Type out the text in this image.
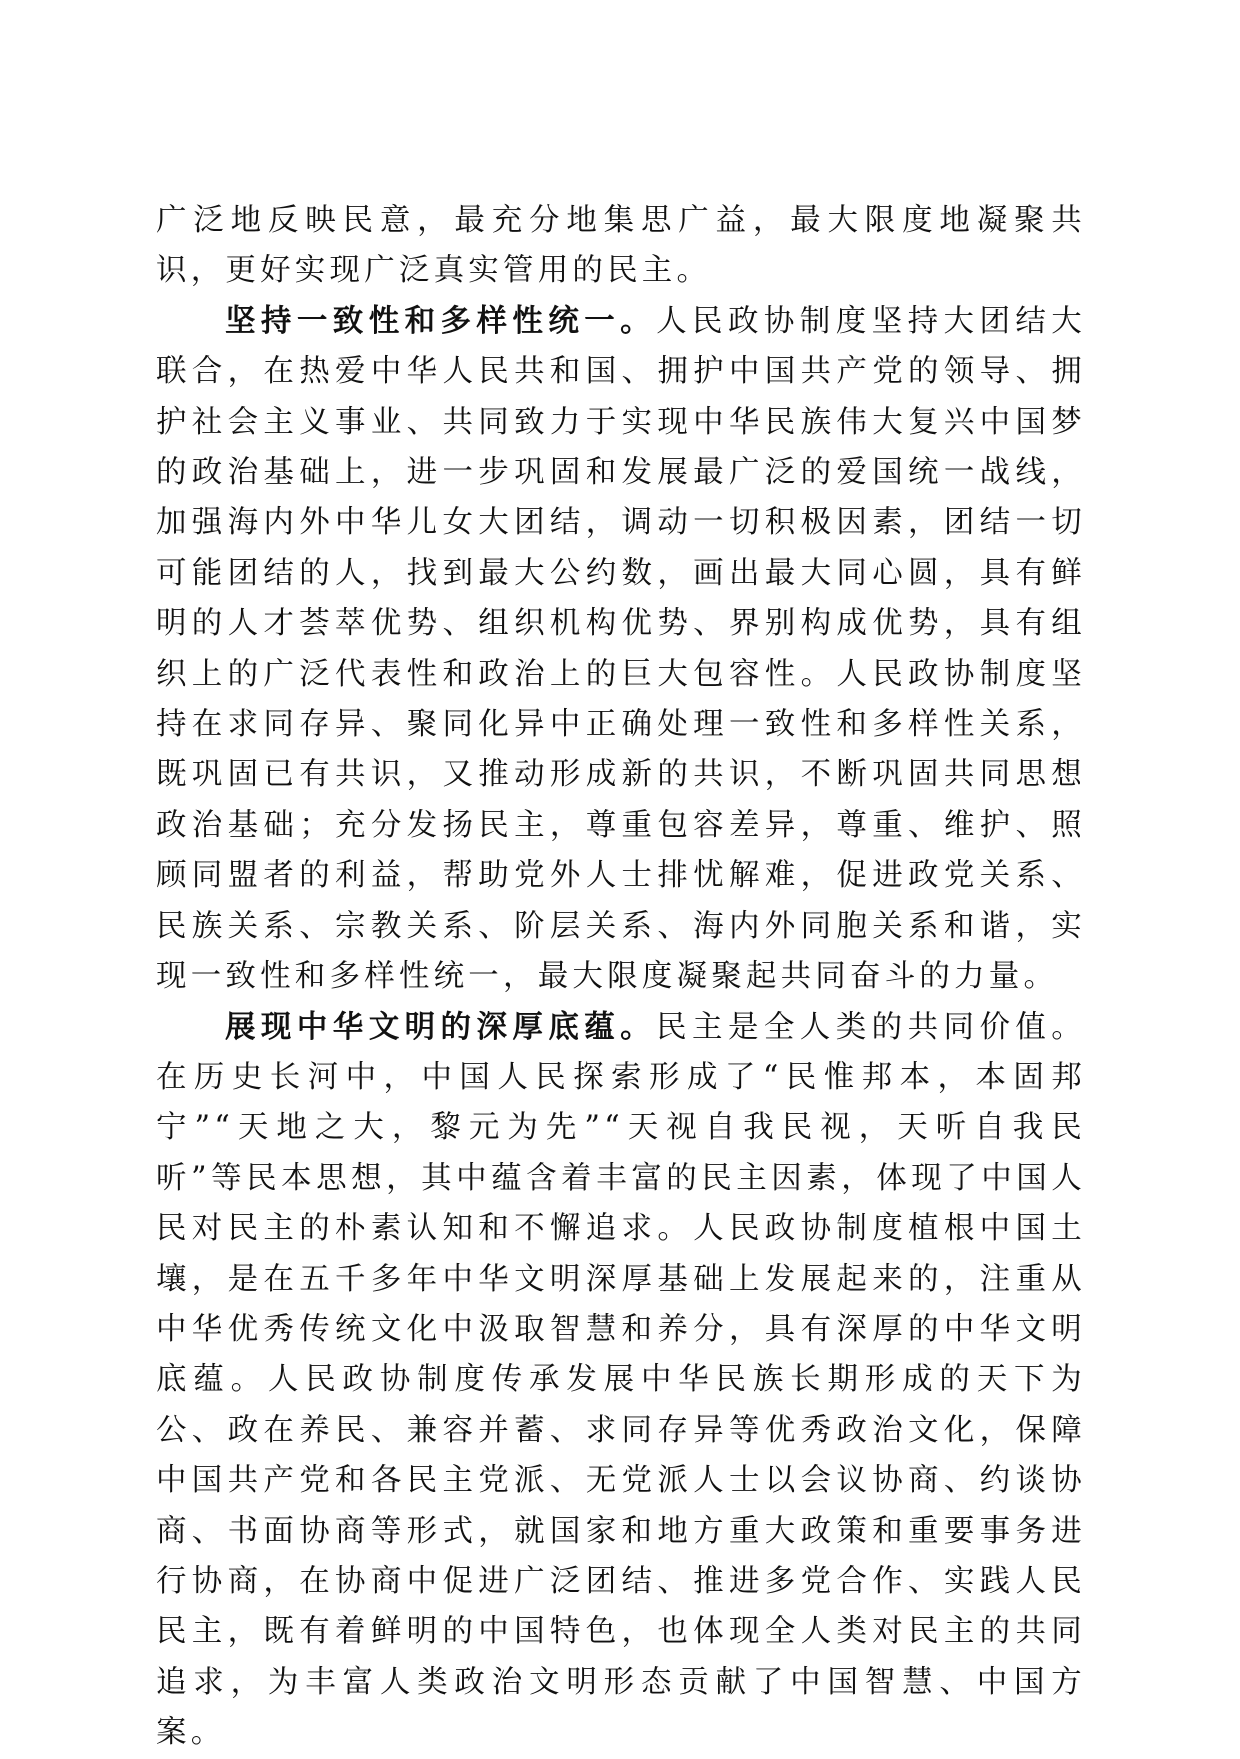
广泛地反映民意，最充分地集思广益，最大限度地凝聚共识，更好实现广泛真实管用的民主。

坚持一致性和多样性统一。人民政协制度坚持大团结大联合，在热爱中华人民共和国、拥护中国共产党的领导、拥护社会主义事业、共同致力于实现中华民族伟大复兴中国梦的政治基础上，进一步巩固和发展最广泛的爱国统一战线，加强海内外中华儿女大团结，调动一切积极因素，团结一切可能团结的人，找到最大公约数，画出最大同心圆，具有鲜明的人才荟萃优势、组织机构优势、界别构成优势，具有组织上的广泛代表性和政治上的巨大包容性。人民政协制度坚持在求同存异、聚同化异中正确处理一致性和多样性关系，既巩固已有共识，又推动形成新的共识，不断巩固共同思想政治基础；充分发扬民主，尊重包容差异，尊重、维护、照顾同盟者的利益，帮助党外人士排忧解难，促进政党关系、民族关系、宗教关系、阶层关系、海内外同胞关系和谐，实现一致性和多样性统一，最大限度凝聚起共同奋斗的力量。

展现中华文明的深厚底蕴。民主是全人类的共同价值。在历史长河中，中国人民探索形成了“民惟邦本，本固邦宁”“天地之大，黎元为先”“天视自我民视，天听自我民听”等民本思想，其中蕴含着丰富的民主因素，体现了中国人民对民主的朴素认知和不懈追求。人民政协制度植根中国土壤，是在五千多年中华文明深厚基础上发展起来的，注重从中华优秀传统文化中汲取智慧和养分，具有深厚的中华文明底蕴。人民政协制度传承发展中华民族长期形成的天下为公、政在养民、兼容并蓄、求同存异等优秀政治文化，保障中国共产党和各民主党派、无党派人士以会议协商、约谈协商、书面协商等形式，就国家和地方重大政策和重要事务进行协商，在协商中促进广泛团结、推进多党合作、实践人民民主，既有着鲜明的中国特色，也体现全人类对民主的共同追求，为丰富人类政治文明形态贡献了中国智慧、中国方案。
